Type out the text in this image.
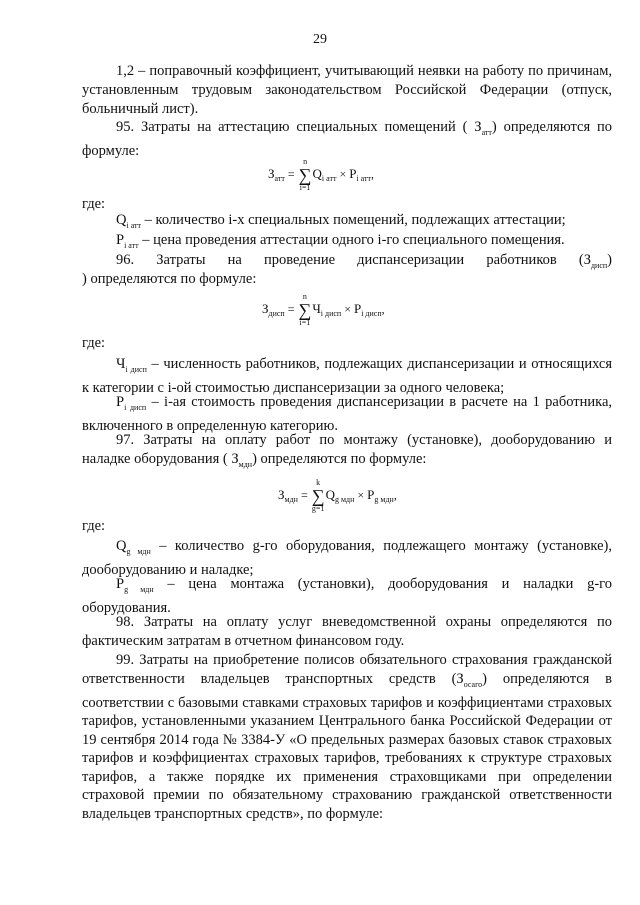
29
1,2 – поправочный коэффициент, учитывающий неявки на работу по причинам, установленным трудовым законодательством Российской Федерации (отпуск, больничный лист).
95. Затраты на аттестацию специальных помещений ( $З_{атт}$) определяются по формуле:
$З_{атт}$ =
n
∑
i=1
$Q_{i атт} \times P_{i атт}$,
где:
$Q_{i атт}$ – количество i-х специальных помещений, подлежащих аттестации;
$P_{i атт}$ – цена проведения аттестации одного i-го специального помещения.
96. Затраты на проведение диспансеризации работников $(З_{дисп})$
) определяются по формуле:
$З_{дисп}$ =
n
∑
i=1
$Ч_{i дисп} \times P_{i дисп}$,
где:
$Ч_{i дисп}$ – численность работников, подлежащих диспансеризации и относящихся к категории с i-ой стоимостью диспансеризации за одного человека;
$P_{i дисп} - i-ая$ стоимость проведения диспансеризации в расчете на 1 работника, включенного в определенную категорию.
97. Затраты на оплату работ по монтажу (установке), дооборудованию и наладке оборудования ( $З_{мдн}$) определяются по формуле:
$З_{мдн}$ =
k
∑
g=1
$Q_{g мдн} \times P_{g мдн}$,
где:
$Q_{g мдн}$ – количество g-го оборудования, подлежащего монтажу (установке), дооборудованию и наладке;
$P_{g мдн}$ – цена монтажа (установки), дооборудования и наладки g-го оборудования.
98. Затраты на оплату услуг вневедомственной охраны определяются по фактическим затратам в отчетном финансовом году.
99. Затраты на приобретение полисов обязательного страхования гражданской ответственности владельцев транспортных средств $(З_{осаго})$ определяются в соответствии с базовыми ставками страховых тарифов и коэффициентами страховых тарифов, установленными указанием Центрального банка Российской Федерации от 19 сентября 2014 года № 3384-У «О предельных размерах базовых ставок страховых тарифов и коэффициентах страховых тарифов, требованиях к структуре страховых тарифов, а также порядке их применения страховщиками при определении страховой премии по обязательному страхованию гражданской ответственности владельцев транспортных средств», по формуле:
